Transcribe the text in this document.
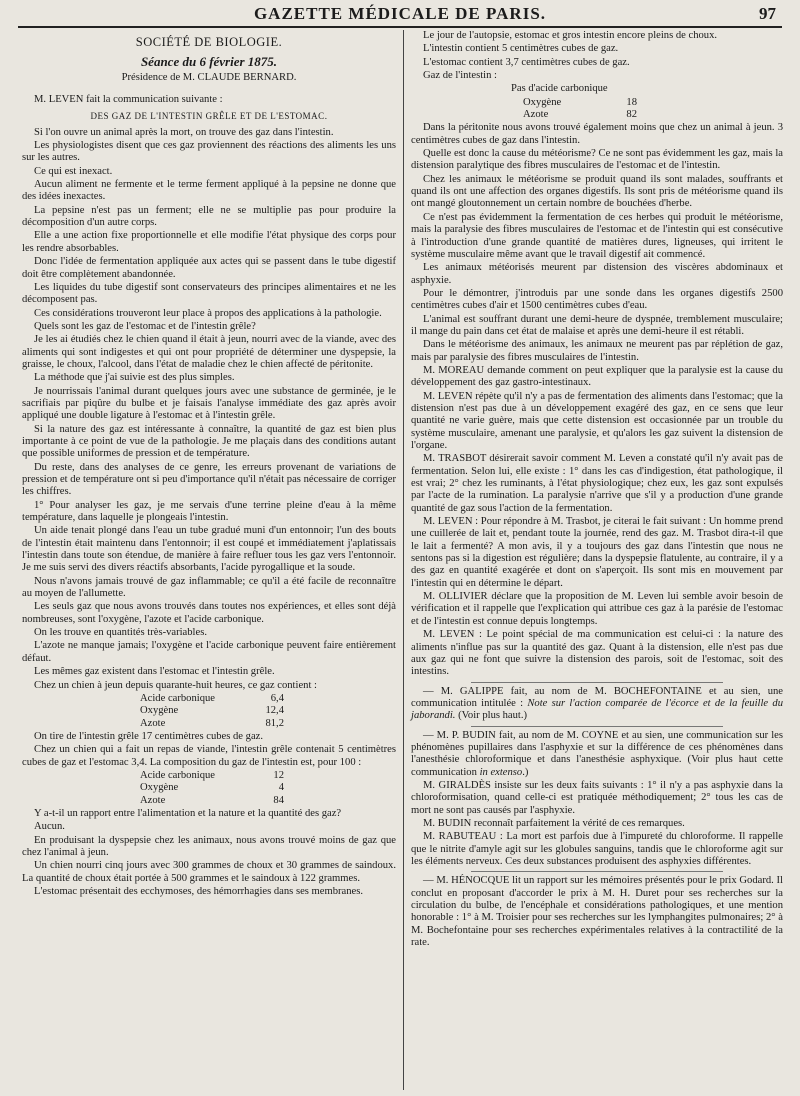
GAZETTE MÉDICALE DE PARIS.	97

SOCIÉTÉ DE BIOLOGIE.

Séance du 6 février 1875.

Présidence de M. CLAUDE BERNARD.

M. LEVEN fait la communication suivante :

DES GAZ DE L'INTESTIN GRÊLE ET DE L'ESTOMAC.

Si l'on ouvre un animal après la mort, on trouve des gaz dans l'intestin.

Les physiologistes disent que ces gaz proviennent des réactions des aliments les uns sur les autres.

Ce qui est inexact.

Aucun aliment ne fermente et le terme ferment appliqué à la pepsine ne donne que des idées inexactes.

La pepsine n'est pas un ferment; elle ne se multiplie pas pour produire la décomposition d'un autre corps.

Elle a une action fixe proportionnelle et elle modifie l'état physique des corps pour les rendre absorbables.

Donc l'idée de fermentation appliquée aux actes qui se passent dans le tube digestif doit être complètement abandonnée.

Les liquides du tube digestif sont conservateurs des principes alimentaires et ne les décomposent pas.

Ces considérations trouveront leur place à propos des applications à la pathologie.

Quels sont les gaz de l'estomac et de l'intestin grêle?

Je les ai étudiés chez le chien quand il était à jeun, nourri avec de la viande, avec des aliments qui sont indigestes et qui ont pour propriété de déterminer une dyspepsie, la graisse, le choux, l'alcool, dans l'état de maladie chez le chien affecté de péritonite.

La méthode que j'ai suivie est des plus simples.

Je nourrissais l'animal durant quelques jours avec une substance de germinée, je le sacrifiais par piqûre du bulbe et je faisais l'analyse immédiate des gaz après avoir appliqué une double ligature à l'estomac et à l'intestin grêle.

Si la nature des gaz est intéressante à connaître, la quantité de gaz est bien plus importante à ce point de vue de la pathologie. Je me plaçais dans des conditions autant que possible uniformes de pression et de température.

Du reste, dans des analyses de ce genre, les erreurs provenant de variations de pression et de température ont si peu d'importance qu'il n'était pas nécessaire de corriger les chiffres.

1° Pour analyser les gaz, je me servais d'une terrine pleine d'eau à la même température, dans laquelle je plongeais l'intestin.

Un aide tenait plongé dans l'eau un tube gradué muni d'un entonnoir; l'un des bouts de l'intestin était maintenu dans l'entonnoir; il est coupé et immédiatement j'aplatissais l'intestin dans toute son étendue, de manière à faire refluer tous les gaz vers l'entonnoir. Je me suis servi des divers réactifs absorbants, l'acide pyrogallique et la soude.

Nous n'avons jamais trouvé de gaz inflammable; ce qu'il a été facile de reconnaître au moyen de l'allumette.

Les seuls gaz que nous avons trouvés dans toutes nos expériences, et elles sont déjà nombreuses, sont l'oxygène, l'azote et l'acide carbonique.

On les trouve en quantités très-variables.

L'azote ne manque jamais; l'oxygène et l'acide carbonique peuvent faire entièrement défaut.

Les mêmes gaz existent dans l'estomac et l'intestin grêle.

Chez un chien à jeun depuis quarante-huit heures, ce gaz contient :

Acide carbonique	6,4
Oxygène	12,4
Azote	81,2

On tire de l'intestin grêle 17 centimètres cubes de gaz.

Chez un chien qui a fait un repas de viande, l'intestin grêle contenait 5 centimètres cubes de gaz et l'estomac 3,4. La composition du gaz de l'intestin est, pour 100 :

Acide carbonique	12
Oxygène	4
Azote	84

Y a-t-il un rapport entre l'alimentation et la nature et la quantité des gaz?

Aucun.

En produisant la dyspepsie chez les animaux, nous avons trouvé moins de gaz que chez l'animal à jeun.

Un chien nourri cinq jours avec 300 grammes de choux et 30 grammes de saindoux. La quantité de choux était portée à 500 grammes et le saindoux à 122 grammes.

L'estomac présentait des ecchymoses, des hémorrhagies dans ses membranes.

Le jour de l'autopsie, estomac et gros intestin encore pleins de choux.

L'intestin contient 5 centimètres cubes de gaz.

L'estomac contient 3,7 centimètres cubes de gaz.

Gaz de l'intestin :

Pas d'acide carbonique

Oxygène	18
Azote	82

Dans la péritonite nous avons trouvé également moins que chez un animal à jeun. 3 centimètres cubes de gaz dans l'intestin.

Quelle est donc la cause du météorisme? Ce ne sont pas évidemment les gaz, mais la distension paralytique des fibres musculaires de l'estomac et de l'intestin.

Chez les animaux le météorisme se produit quand ils sont malades, souffrants et quand ils ont une affection des organes digestifs. Ils sont pris de météorisme quand ils ont mangé gloutonnement un certain nombre de bouchées d'herbe.

Ce n'est pas évidemment la fermentation de ces herbes qui produit le météorisme, mais la paralysie des fibres musculaires de l'estomac et de l'intestin qui est consécutive à l'introduction d'une grande quantité de matières dures, ligneuses, qui irritent le système musculaire même avant que le travail digestif ait commencé.

Les animaux météorisés meurent par distension des viscères abdominaux et asphyxie.

Pour le démontrer, j'introduis par une sonde dans les organes digestifs 2500 centimètres cubes d'air et 1500 centimètres cubes d'eau.

L'animal est souffrant durant une demi-heure de dyspnée, tremblement musculaire; il mange du pain dans cet état de malaise et après une demi-heure il est rétabli.

Dans le météorisme des animaux, les animaux ne meurent pas par réplétion de gaz, mais par paralysie des fibres musculaires de l'intestin.

M. MOREAU demande comment on peut expliquer que la paralysie est la cause du développement des gaz gastro-intestinaux.

M. LEVEN répète qu'il n'y a pas de fermentation des aliments dans l'estomac; que la distension n'est pas due à un développement exagéré des gaz, en ce sens que leur quantité ne varie guère, mais que cette distension est occasionnée par un trouble du système musculaire, amenant une paralysie, et qu'alors les gaz suivent la distension de l'organe.

M. TRASBOT désirerait savoir comment M. Leven a constaté qu'il n'y avait pas de fermentation. Selon lui, elle existe : 1° dans les cas d'indigestion, état pathologique, il est vrai; 2° chez les ruminants, à l'état physiologique; chez eux, les gaz sont expulsés par l'acte de la rumination. La paralysie n'arrive que s'il y a production d'une grande quantité de gaz sous l'action de la fermentation.

M. LEVEN : Pour répondre à M. Trasbot, je citerai le fait suivant : Un homme prend une cuillerée de lait et, pendant toute la journée, rend des gaz. M. Trasbot dira-t-il que le lait a fermenté? A mon avis, il y a toujours des gaz dans l'intestin que nous ne sentons pas si la digestion est régulière; dans la dyspepsie flatulente, au contraire, il y a des gaz en quantité exagérée et dont on s'aperçoit. Ils sont mis en mouvement par l'intestin qui en détermine le départ.

M. OLLIVIER déclare que la proposition de M. Leven lui semble avoir besoin de vérification et il rappelle que l'explication qui attribue ces gaz à la parésie de l'estomac et de l'intestin est connue depuis longtemps.

M. LEVEN : Le point spécial de ma communication est celui-ci : la nature des aliments n'influe pas sur la quantité des gaz. Quant à la distension, elle n'est pas due aux gaz qui ne font que suivre la distension des parois, soit de l'estomac, soit des intestins.

— M. GALIPPE fait, au nom de M. BOCHEFONTAINE et au sien, une communication intitulée : Note sur l'action comparée de l'écorce et de la feuille du jaborandi. (Voir plus haut.)

— M. P. BUDIN fait, au nom de M. COYNE et au sien, une communication sur les phénomènes pupillaires dans l'asphyxie et sur la différence de ces phénomènes dans l'anesthésie chloroformique et dans l'anesthésie asphyxique. (Voir plus haut cette communication in extenso.)

M. GIRALDÈS insiste sur les deux faits suivants : 1° il n'y a pas asphyxie dans la chloroformisation, quand celle-ci est pratiquée méthodiquement; 2° tous les cas de mort ne sont pas causés par l'asphyxie.

M. BUDIN reconnaît parfaitement la vérité de ces remarques.

M. RABUTEAU : La mort est parfois due à l'impureté du chloroforme. Il rappelle que le nitrite d'amyle agit sur les globules sanguins, tandis que le chloroforme agit sur les éléments nerveux. Ces deux substances produisent des asphyxies différentes.

— M. HÉNOCQUE lit un rapport sur les mémoires présentés pour le prix Godard. Il conclut en proposant d'accorder le prix à M. H. Duret pour ses recherches sur la circulation du bulbe, de l'encéphale et considérations pathologiques, et une mention honorable : 1° à M. Troisier pour ses recherches sur les lymphangites pulmonaires; 2° à M. Bochefontaine pour ses recherches expérimentales relatives à la contractilité de la rate.
